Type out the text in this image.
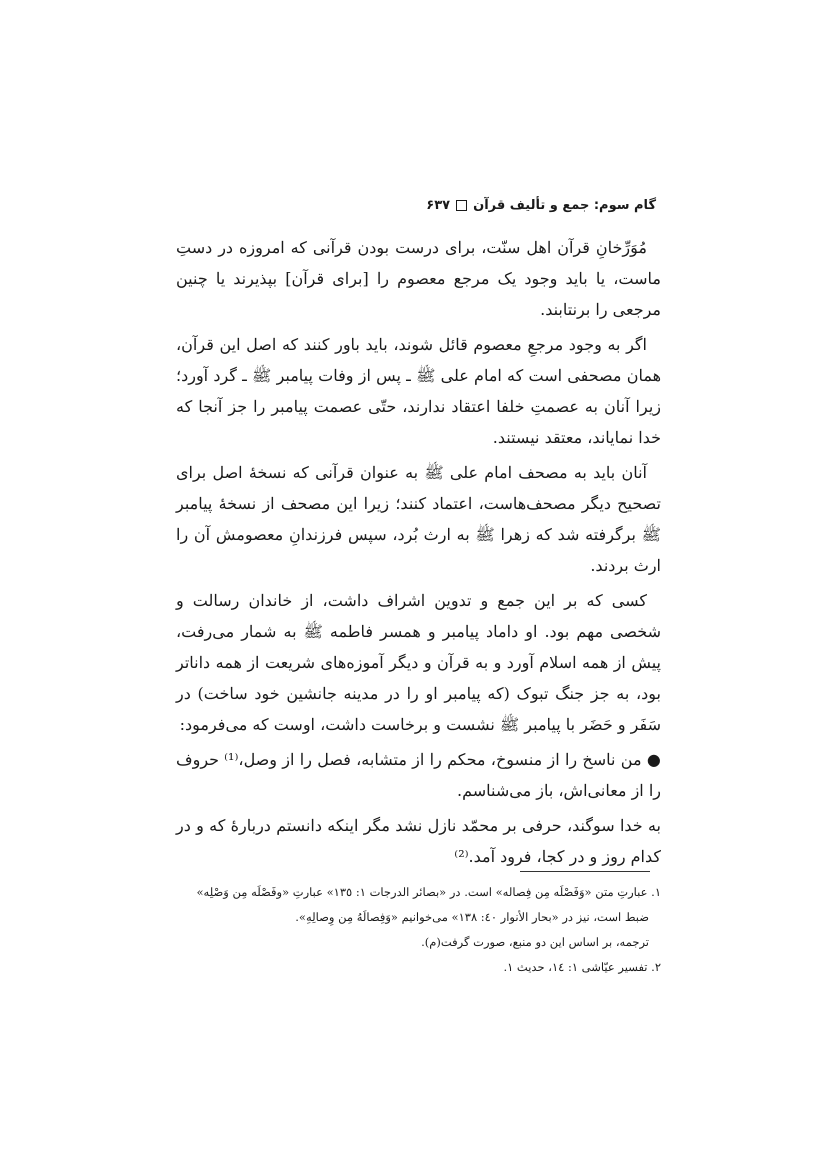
گام سوم: جمع و تألیف قرآن
۶۳۷

مُوَرِّخانِ قرآن اهل سنّت، برای درست بودن قرآنی که امروزه در دستِ ماست، یا باید وجود یک مرجع معصوم را [برای قرآن] بپذیرند یا چنین مرجعی را برنتابند.

اگر به وجود مرجعِ معصوم قائل شوند، باید باور کنند که اصل این قرآن، همان مصحفی است که امام علی ﷺ ـ پس از وفات پیامبر ﷺ ـ گرد آورد؛ زیرا آنان به عصمتِ خلفا اعتقاد ندارند، حتّی عصمت پیامبر را جز آنجا که خدا نمایاند، معتقد نیستند.

آنان باید به مصحف امام علی ﷺ به عنوان قرآنی که نسخهٔ اصل برای تصحیح دیگر مصحف‌هاست، اعتماد کنند؛ زیرا این مصحف از نسخهٔ پیامبر ﷺ برگرفته شد که زهرا ﷺ به ارث بُرد، سپس فرزندانِ معصومش آن را ارث بردند.

کسی که بر این جمع و تدوین اشراف داشت، از خاندان رسالت و شخصی مهم بود. او داماد پیامبر و همسر فاطمه ﷺ به شمار می‌رفت، پیش از همه اسلام آورد و به قرآن و دیگر آموزه‌های شریعت از همه داناتر بود، به جز جنگ تبوک (که پیامبر او را در مدینه جانشین خود ساخت) در سَفَر و حَضَر با پیامبر ﷺ نشست و برخاست داشت، اوست که می‌فرمود:

● من ناسخ را از منسوخ، محکم را از متشابه، فصل را از وصل،⁽¹⁾ حروف را از معانی‌اش، باز می‌شناسم.

به خدا سوگند، حرفی بر محمّد نازل نشد مگر اینکه دانستم دربارهٔ که و در کدام روز و در کجا، فرود آمد.⁽²⁾

١. عبارتِ متن «وَفَصْلَه مِن فِصاله» است. در «بصائر الدرجات ١: ١٣٥» عبارتِ «وفَصْلَه مِن وَصْلِه»
ضبط است، نیز در «بحار الأنوار ٤٠: ١٣٨» می‌خوانیم «وَفِصالَهُ مِن وِصالِهِ».
ترجمه، بر اساس این دو منبع، صورت گرفت(م).
٢. تفسیر عیّاشی ١: ١٤، حدیث ١.
